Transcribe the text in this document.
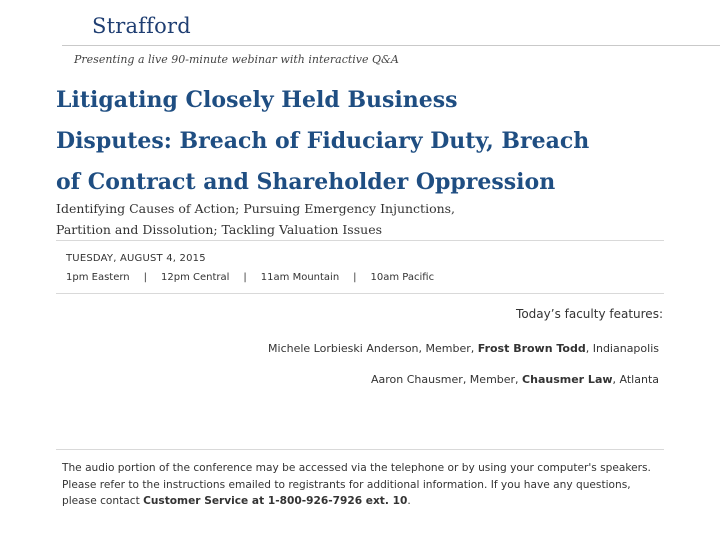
Strafford
Presenting a live 90-minute webinar with interactive Q&A
Litigating Closely Held Business
Disputes: Breach of Fiduciary Duty, Breach
of Contract and Shareholder Oppression
Identifying Causes of Action; Pursuing Emergency Injunctions,
Partition and Dissolution; Tackling Valuation Issues
TUESDAY, AUGUST 4, 2015
1pm Eastern | 12pm Central | 11am Mountain | 10am Pacific
Today’s faculty features:
Michele Lorbieski Anderson, Member, Frost Brown Todd, Indianapolis
Aaron Chausmer, Member, Chausmer Law, Atlanta
The audio portion of the conference may be accessed via the telephone or by using your computer's speakers. Please refer to the instructions emailed to registrants for additional information. If you have any questions, please contact Customer Service at 1-800-926-7926 ext. 10.
